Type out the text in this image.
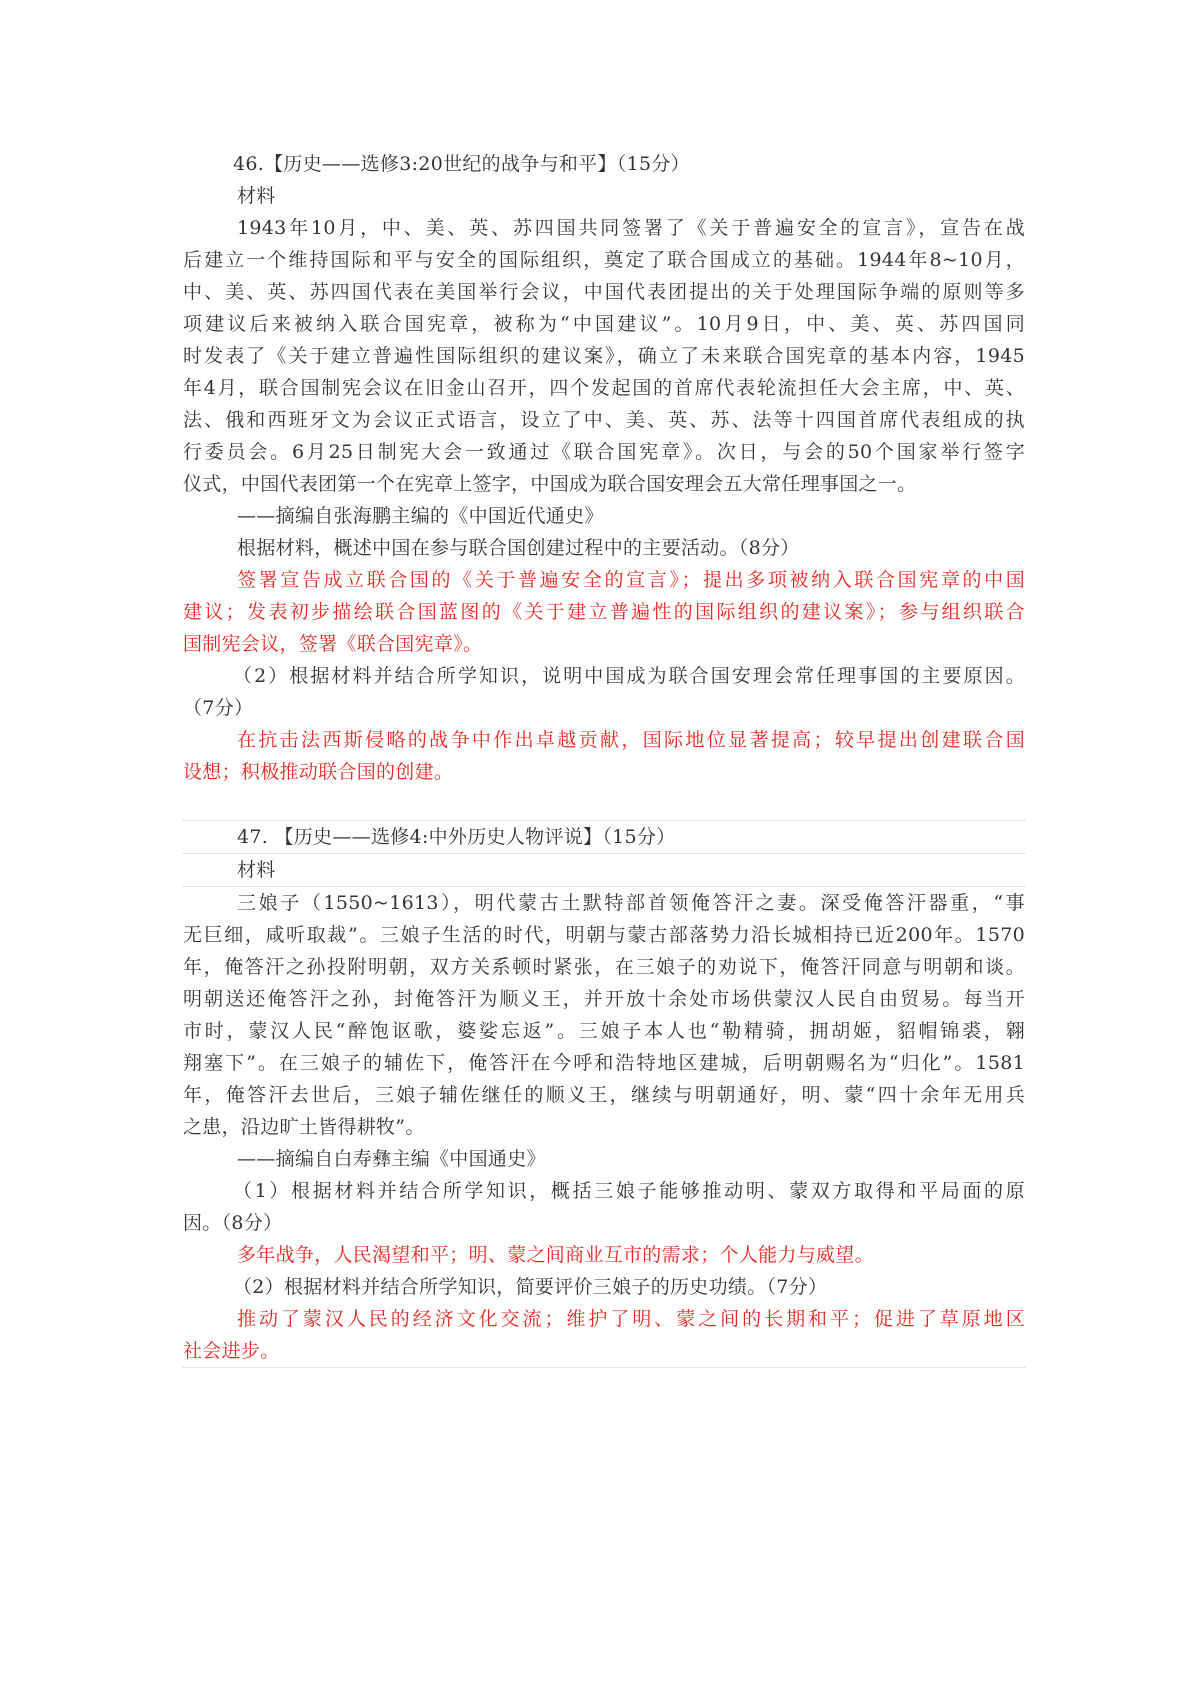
46.【历史——选修3:20世纪的战争与和平】（15分）
材料
1943年10月，中、美、英、苏四国共同签署了《关于普遍安全的宣言》，宣告在战
后建立一个维持国际和平与安全的国际组织，奠定了联合国成立的基础。1944年8~10月，
中、美、英、苏四国代表在美国举行会议，中国代表团提出的关于处理国际争端的原则等多
项建议后来被纳入联合国宪章，被称为“中国建议”。10月9日，中、美、英、苏四国同
时发表了《关于建立普遍性国际组织的建议案》，确立了未来联合国宪章的基本内容，1945
年4月，联合国制宪会议在旧金山召开，四个发起国的首席代表轮流担任大会主席，中、英、
法、俄和西班牙文为会议正式语言，设立了中、美、英、苏、法等十四国首席代表组成的执
行委员会。6月25日制宪大会一致通过《联合国宪章》。次日，与会的50个国家举行签字
仪式，中国代表团第一个在宪章上签字，中国成为联合国安理会五大常任理事国之一。
——摘编自张海鹏主编的《中国近代通史》
根据材料，概述中国在参与联合国创建过程中的主要活动。（8分）
签署宣告成立联合国的《关于普遍安全的宣言》；提出多项被纳入联合国宪章的中国
建议；发表初步描绘联合国蓝图的《关于建立普遍性的国际组织的建议案》；参与组织联合
国制宪会议，签署《联合国宪章》。
（2）根据材料并结合所学知识，说明中国成为联合国安理会常任理事国的主要原因。
（7分）
在抗击法西斯侵略的战争中作出卓越贡献，国际地位显著提高；较早提出创建联合国
设想；积极推动联合国的创建。
47. 【历史——选修4:中外历史人物评说】（15分）
材料
三娘子（1550~1613），明代蒙古土默特部首领俺答汗之妻。深受俺答汗器重，“事
无巨细，咸听取裁”。三娘子生活的时代，明朝与蒙古部落势力沿长城相持已近200年。1570
年，俺答汗之孙投附明朝，双方关系顿时紧张，在三娘子的劝说下，俺答汗同意与明朝和谈。
明朝送还俺答汗之孙，封俺答汗为顺义王，并开放十余处市场供蒙汉人民自由贸易。每当开
市时，蒙汉人民“醉饱讴歌，婆娑忘返”。三娘子本人也“勒精骑，拥胡姬，貂帽锦裘，翱
翔塞下”。在三娘子的辅佐下，俺答汗在今呼和浩特地区建城，后明朝赐名为“归化”。1581
年，俺答汗去世后，三娘子辅佐继任的顺义王，继续与明朝通好，明、蒙“四十余年无用兵
之患，沿边旷土皆得耕牧”。
——摘编自白寿彝主编《中国通史》
（1）根据材料并结合所学知识，概括三娘子能够推动明、蒙双方取得和平局面的原
因。（8分）
多年战争，人民渴望和平；明、蒙之间商业互市的需求；个人能力与威望。
（2）根据材料并结合所学知识，简要评价三娘子的历史功绩。（7分）
推动了蒙汉人民的经济文化交流；维护了明、蒙之间的长期和平；促进了草原地区
社会进步。
